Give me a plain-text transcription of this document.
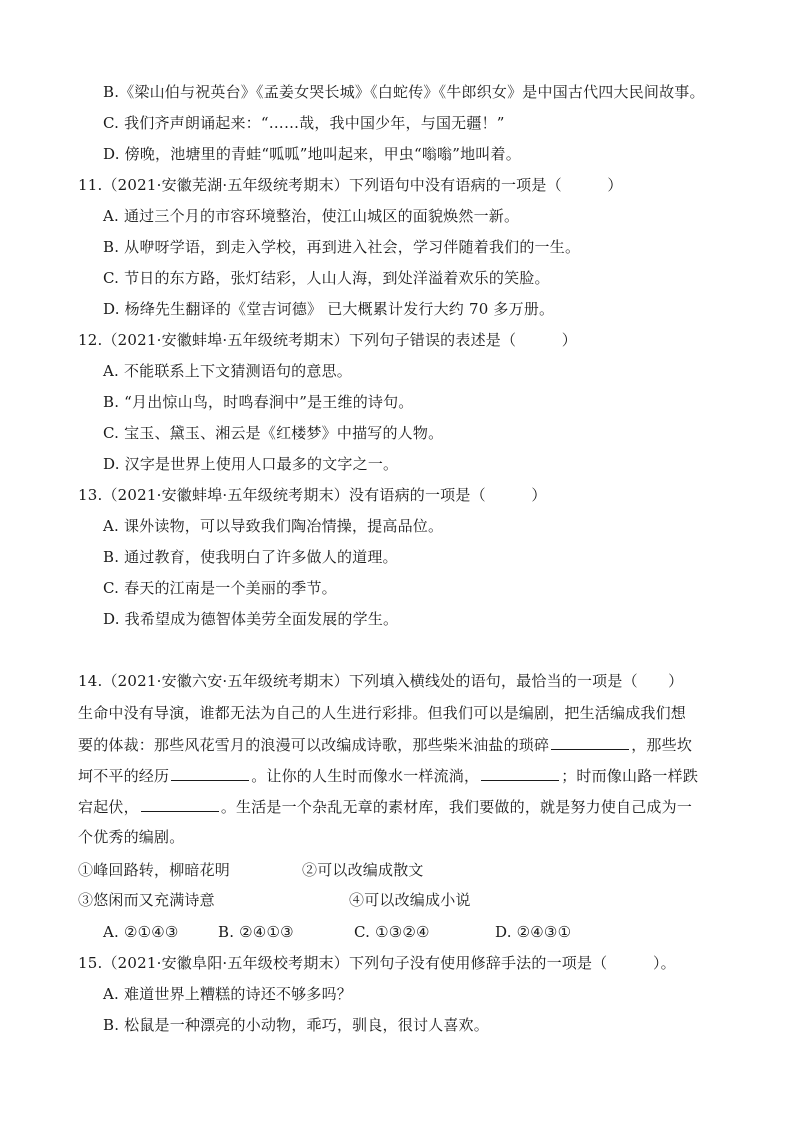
B.《梁山伯与祝英台》《孟姜女哭长城》《白蛇传》《牛郎织女》是中国古代四大民间故事。
C. 我们齐声朗诵起来：“……哉，我中国少年，与国无疆！”
D. 傍晚，池塘里的青蛙“呱呱”地叫起来，甲虫“嗡嗡”地叫着。
11.（2021·安徽芜湖·五年级统考期末）下列语句中没有语病的一项是（　　　）
A. 通过三个月的市容环境整治，使江山城区的面貌焕然一新。
B. 从咿呀学语，到走入学校，再到进入社会，学习伴随着我们的一生。
C. 节日的东方路，张灯结彩，人山人海，到处洋溢着欢乐的笑脸。
D. 杨绛先生翻译的《堂吉诃德》 已大概累计发行大约 70 多万册。
12.（2021·安徽蚌埠·五年级统考期末）下列句子错误的表述是（　　　）
A. 不能联系上下文猜测语句的意思。
B. “月出惊山鸟，时鸣春涧中”是王维的诗句。
C. 宝玉、黛玉、湘云是《红楼梦》中描写的人物。
D. 汉字是世界上使用人口最多的文字之一。
13.（2021·安徽蚌埠·五年级统考期末）没有语病的一项是（　　　）
A. 课外读物，可以导致我们陶冶情操，提高品位。
B. 通过教育，使我明白了许多做人的道理。
C. 春天的江南是一个美丽的季节。
D. 我希望成为德智体美劳全面发展的学生。
14.（2021·安徽六安·五年级统考期末）下列填入横线处的语句，最恰当的一项是（　　）
生命中没有导演，谁都无法为自己的人生进行彩排。但我们可以是编剧，把生活编成我们想
要的体裁：那些风花雪月的浪漫可以改编成诗歌，那些柴米油盐的琐碎	，那些坎
坷不平的经历	。让你的人生时而像水一样流淌，	；时而像山路一样跌
宕起伏，	。生活是一个杂乱无章的素材库，我们要做的，就是努力使自己成为一
个优秀的编剧。
①峰回路转，柳暗花明	②可以改编成散文
③悠闲而又充满诗意	④可以改编成小说
A. ②①④③	B. ②④①③	C. ①③②④	D. ②④③①
15.（2021·安徽阜阳·五年级校考期末）下列句子没有使用修辞手法的一项是（　　　）。
A. 难道世界上糟糕的诗还不够多吗？
B. 松鼠是一种漂亮的小动物，乖巧，驯良，很讨人喜欢。
